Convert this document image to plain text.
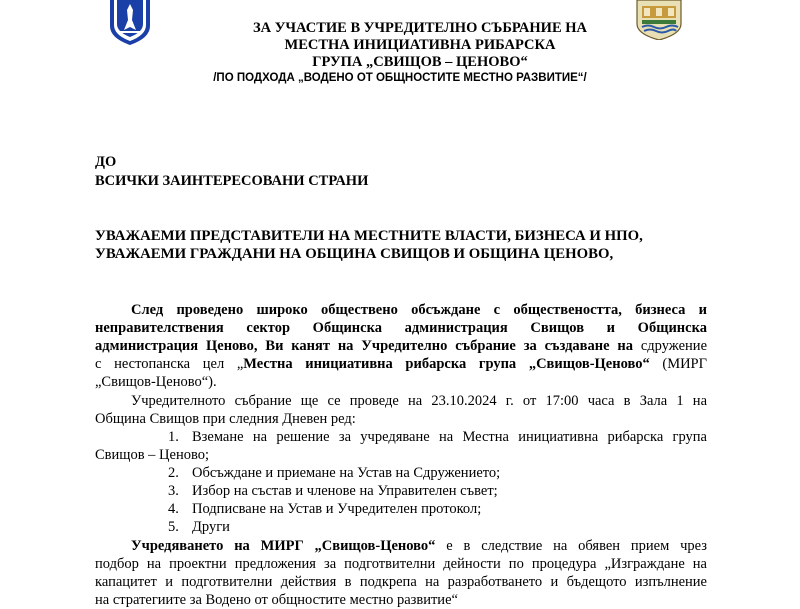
ЗА УЧАСТИЕ В УЧРЕДИТЕЛНО СЪБРАНИЕ НА
МЕСТНА ИНИЦИАТИВНА РИБАРСКА
ГРУПА „СВИЩОВ – ЦЕНОВО“
/ПО ПОДХОДА „ВОДЕНО ОТ ОБЩНОСТИТЕ МЕСТНО РАЗВИТИЕ“/
ДО
ВСИЧКИ ЗАИНТЕРЕСОВАНИ СТРАНИ
УВАЖАЕМИ ПРЕДСТАВИТЕЛИ НА МЕСТНИТЕ ВЛАСТИ, БИЗНЕСА И НПО,
УВАЖАЕМИ ГРАЖДАНИ НА ОБЩИНА СВИЩОВ И ОБЩИНА ЦЕНОВО,
След проведено широко обществено обсъждане с обществеността, бизнеса и
неправителствения сектор Общинска администрация Свищов и Общинска
администрация Ценово, Ви канят на Учредително събрание за създаване на сдружение
с нестопанска цел „Местна инициативна рибарска група „Свищов-Ценово“ (МИРГ
„Свищов-Ценово“).
Учредителното събрание ще се проведе на 23.10.2024 г. от 17:00 часа в Зала 1 на
Община Свищов при следния Дневен ред:
1. Вземане на решение за учредяване на Местна инициативна рибарска група
Свищов – Ценово;
2. Обсъждане и приемане на Устав на Сдружението;
3. Избор на състав и членове на Управителен съвет;
4. Подписване на Устав и Учредителен протокол;
5. Други
Учредяването на МИРГ „Свищов-Ценово“ е в следствие на обявен прием чрез
подбор на проектни предложения за подготвителни дейности по процедура „Изграждане на
капацитет и подготвителни действия в подкрепа на разработването и бъдещото изпълнение
на стратегиите за Водено от общностите местно развитие“
